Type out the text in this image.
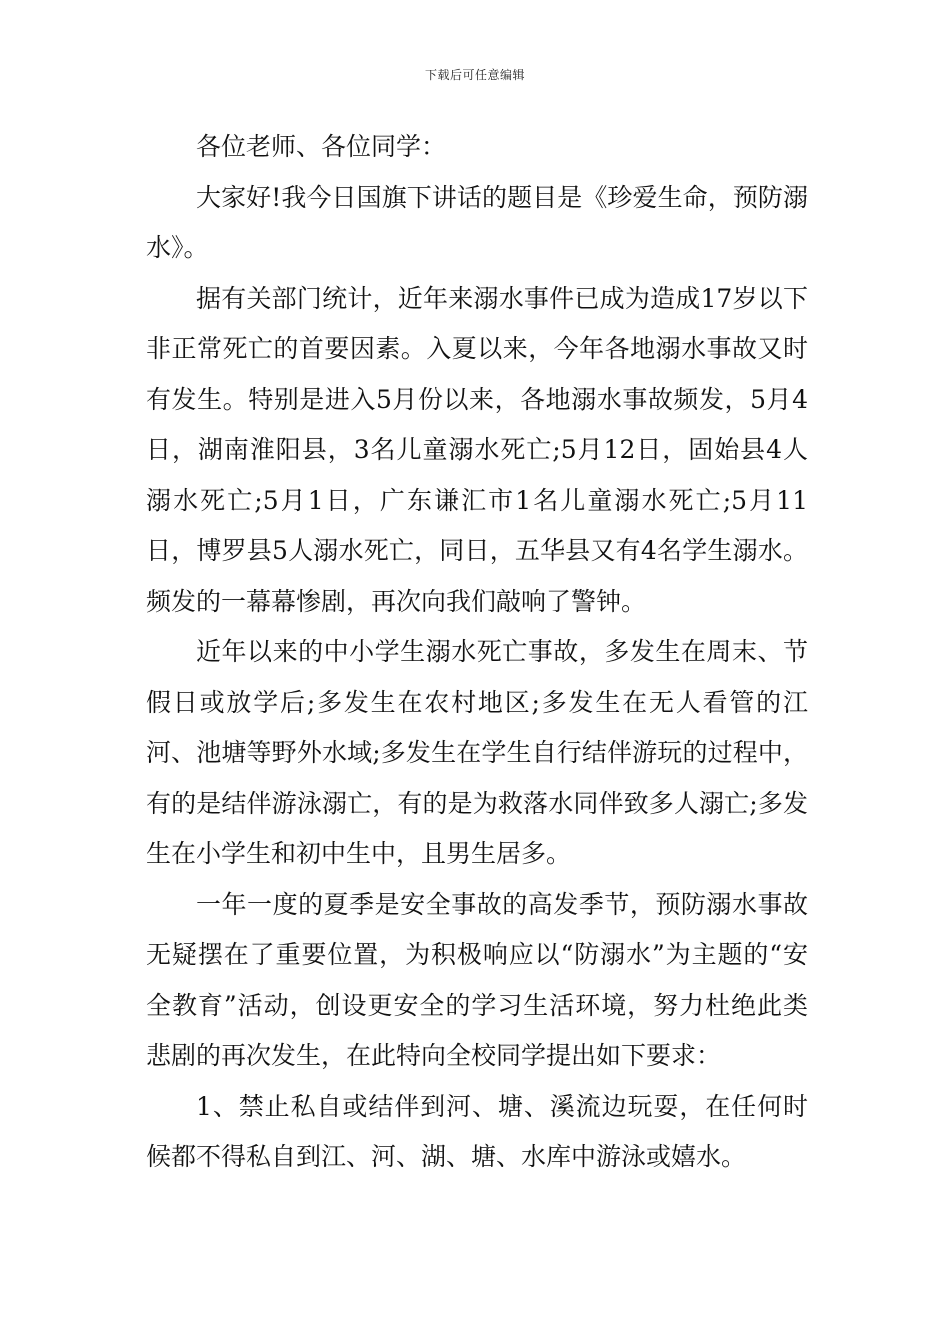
下载后可任意编辑

各位老师、各位同学：

大家好!我今日国旗下讲话的题目是《珍爱生命，预防溺水》。

据有关部门统计，近年来溺水事件已成为造成17岁以下非正常死亡的首要因素。入夏以来，今年各地溺水事故又时有发生。特别是进入5月份以来，各地溺水事故频发，5月4日，湖南淮阳县，3名儿童溺水死亡;5月12日，固始县4人溺水死亡;5月1日，广东谦汇市1名儿童溺水死亡;5月11日，博罗县5人溺水死亡，同日，五华县又有4名学生溺水。频发的一幕幕惨剧，再次向我们敲响了警钟。

近年以来的中小学生溺水死亡事故，多发生在周末、节假日或放学后;多发生在农村地区;多发生在无人看管的江河、池塘等野外水域;多发生在学生自行结伴游玩的过程中，有的是结伴游泳溺亡，有的是为救落水同伴致多人溺亡;多发生在小学生和初中生中，且男生居多。

一年一度的夏季是安全事故的高发季节，预防溺水事故无疑摆在了重要位置，为积极响应以“防溺水”为主题的“安全教育”活动，创设更安全的学习生活环境，努力杜绝此类悲剧的再次发生，在此特向全校同学提出如下要求：

1、禁止私自或结伴到河、塘、溪流边玩耍，在任何时候都不得私自到江、河、湖、塘、水库中游泳或嬉水。
